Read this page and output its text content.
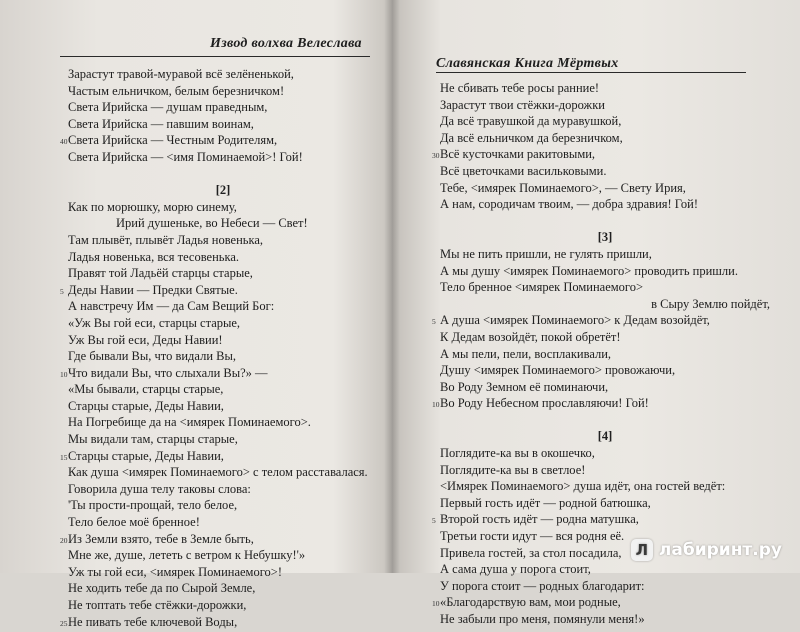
Извод волхва Велеслава
Зарастут травой-муравой всё зелёненькой,
Частым ельничком, белым березничком!
Света Ирийска — душам праведным,
Света Ирийска — павшим воинам,
40 Света Ирийска — Честным Родителям,
Света Ирийска — <имя Поминаемой>! Гой!
[2]
Как по морюшку, морю синему,
Ирий душеньке, во Небеси — Свет!
Там плывёт, плывёт Ладья новенька,
Ладья новенька, вся тесовенька.
Правят той Ладьёй старцы старые,
5 Деды Навии — Предки Святые.
А навстречу Им — да Сам Вещий Бог:
«Уж Вы гой еси, старцы старые,
Уж Вы гой еси, Деды Навии!
Где бывали Вы, что видали Вы,
10 Что видали Вы, что слыхали Вы?» —
«Мы бывали, старцы старые,
Старцы старые, Деды Навии,
На Погребище да на <имярек Поминаемого>.
Мы видали там, старцы старые,
15 Старцы старые, Деды Навии,
Как душа <имярек Поминаемого> с телом расставалася.
Говорила душа телу таковы слова:
'Ты прости-прощай, тело белое,
Тело белое моё бренное!
20 Из Земли взято, тебе в Земле быть,
Мне же, душе, лететь с ветром к Небушку!'»
Уж ты гой еси, <имярек Поминаемого>!
Не ходить тебе да по Сырой Земле,
Не топтать тебе стёжки-дорожки,
25 Не пивать тебе ключевой Воды,
Славянская Книга Мёртвых
Не сбивать тебе росы ранние!
Зарастут твои стёжки-дорожки
Да всё травушкой да муравушкой,
Да всё ельничком да березничком,
30 Всё кусточками ракитовыми,
Всё цветочками васильковыми.
Тебе, <имярек Поминаемого>, — Свету Ирия,
А нам, сородичам твоим, — добра здравия! Гой!
[3]
Мы не пить пришли, не гулять пришли,
А мы душу <имярек Поминаемого> проводить пришли.
Тело бренное <имярек Поминаемого>
в Сыру Землю пойдёт,
5 А душа <имярек Поминаемого> к Дедам возойдёт,
К Дедам возойдёт, покой обретёт!
А мы пели, пели, восплакивали,
Душу <имярек Поминаемого> провожаючи,
Во Роду Земном её поминаючи,
10 Во Роду Небесном прославляючи! Гой!
[4]
Поглядите-ка вы в окошечко,
Поглядите-ка вы в светлое!
<Имярек Поминаемого> душа идёт, она гостей ведёт:
Первый гость идёт — родной батюшка,
5 Второй гость идёт — родна матушка,
Третьи гости идут — вся родня её.
Привела гостей, за стол посадила,
А сама душа у порога стоит,
У порога стоит — родных благодарит:
10 «Благодарствую вам, мои родные,
Не забыли про меня, помянули меня!»
Л лабиринт.ру
